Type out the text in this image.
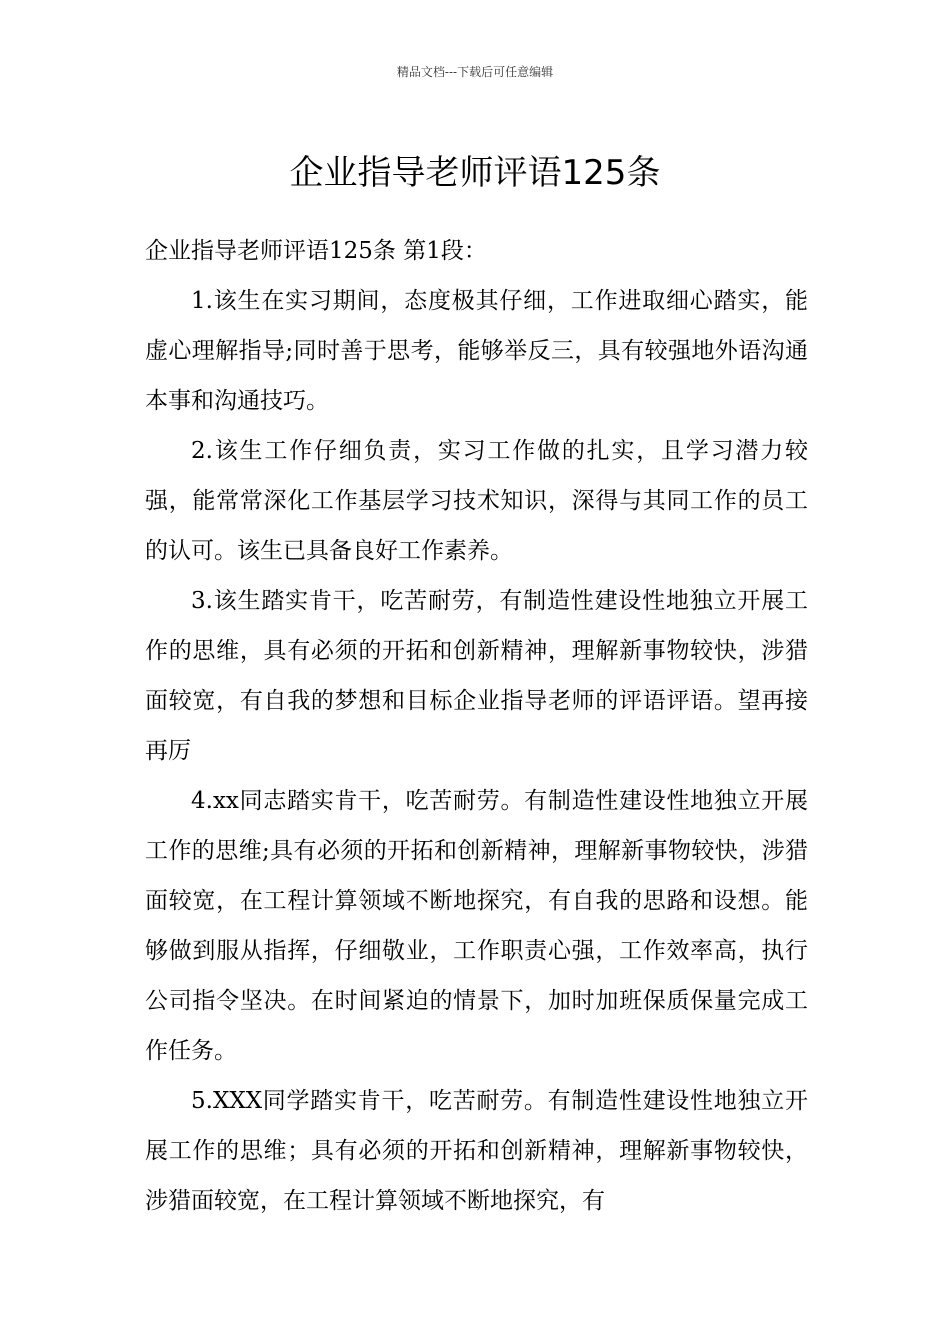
精品文档---下载后可任意编辑
企业指导老师评语125条

企业指导老师评语125条 第1段：

1.该生在实习期间，态度极其仔细，工作进取细心踏实，能虚心理解指导;同时善于思考，能够举反三，具有较强地外语沟通本事和沟通技巧。

2.该生工作仔细负责，实习工作做的扎实，且学习潜力较强，能常常深化工作基层学习技术知识，深得与其同工作的员工的认可。该生已具备良好工作素养。

3.该生踏实肯干，吃苦耐劳，有制造性建设性地独立开展工作的思维，具有必须的开拓和创新精神，理解新事物较快，涉猎面较宽，有自我的梦想和目标企业指导老师的评语评语。望再接再厉

4.xx同志踏实肯干，吃苦耐劳。有制造性建设性地独立开展工作的思维;具有必须的开拓和创新精神，理解新事物较快，涉猎面较宽，在工程计算领域不断地探究，有自我的思路和设想。能够做到服从指挥，仔细敬业，工作职责心强，工作效率高，执行公司指令坚决。在时间紧迫的情景下，加时加班保质保量完成工作任务。

5.XXX同学踏实肯干，吃苦耐劳。有制造性建设性地独立开展工作的思维；具有必须的开拓和创新精神，理解新事物较快，涉猎面较宽，在工程计算领域不断地探究，有
